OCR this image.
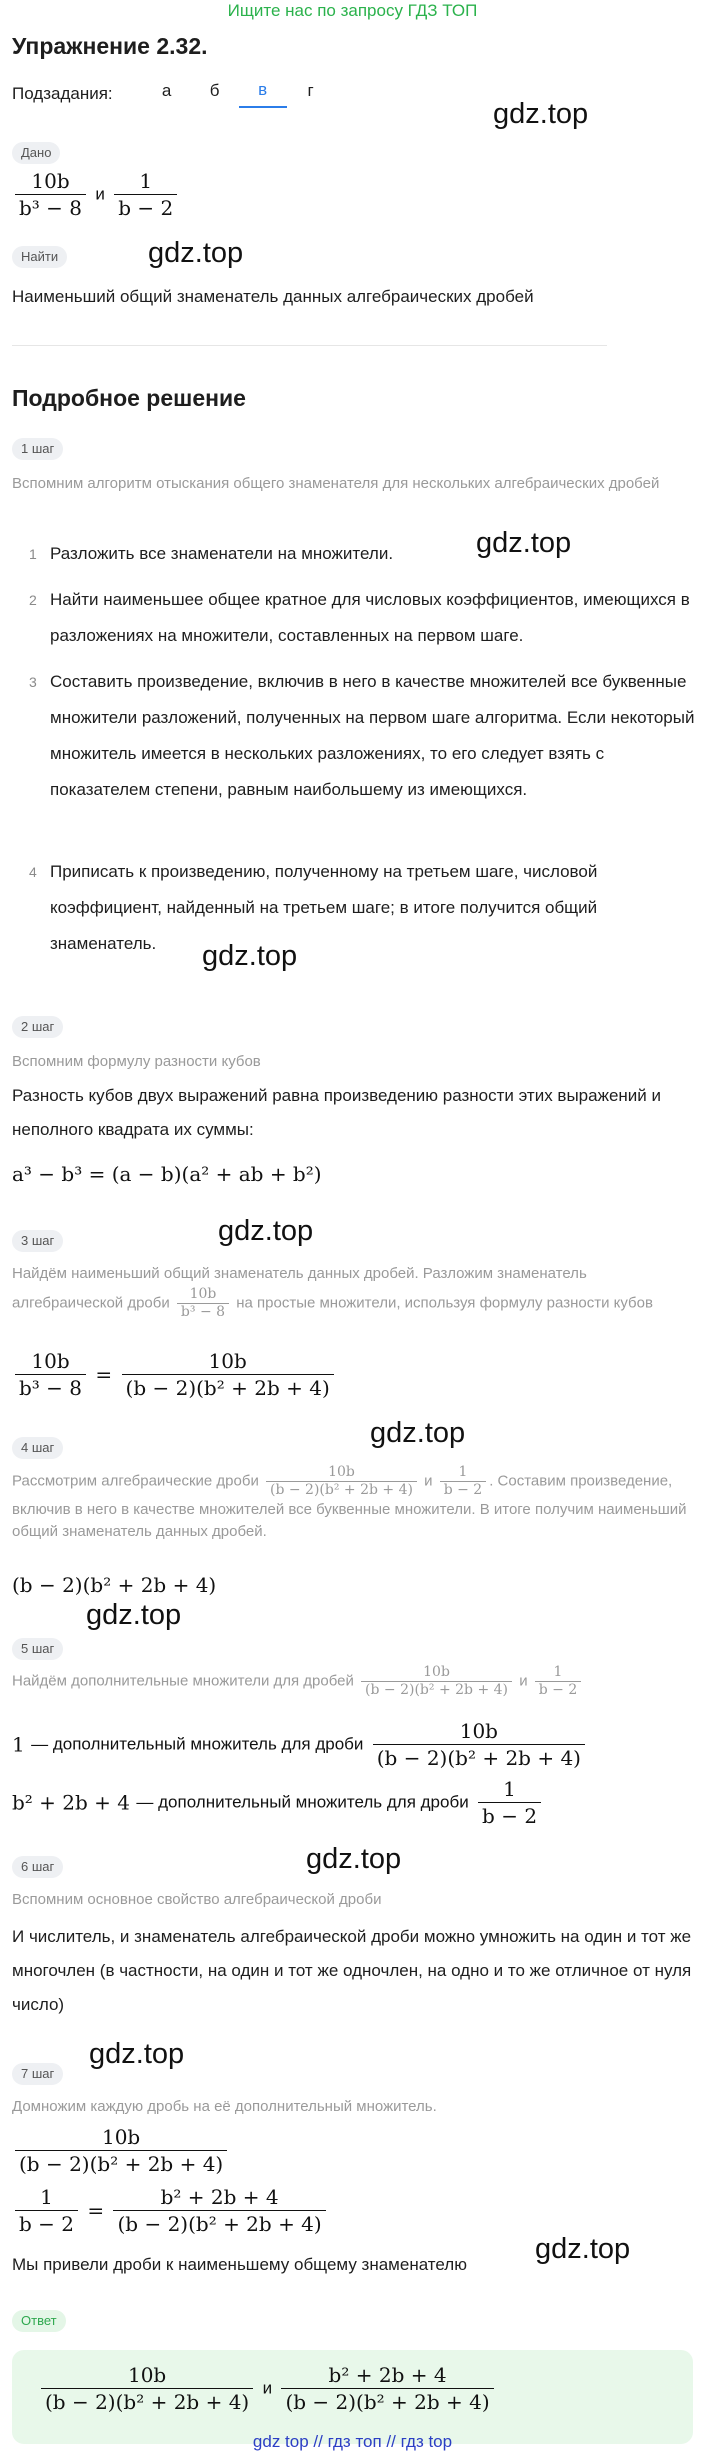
Ищите нас по запросу ГДЗ ТОП
Упражнение 2.32.
Подзадания:	а	б	в	г
gdz.top
gdz.top
gdz.top
gdz.top
gdz.top
gdz.top
gdz.top
gdz.top
gdz.top
gdz.top
Дано
$\frac{10b}{\text{b³ − 8}}$ и $\frac{1}{b - 2}$
Найти
Наименьший общий знаменатель данных алгебраических дробей
Подробное решение
1 шаг
Вспомним алгоритм отыскания общего знаменателя для нескольких алгебраических дробей
1 Разложить все знаменатели на множители.
2 Найти наименьшее общее кратное для числовых коэффициентов, имеющихся в разложениях на множители, составленных на первом шаге.
3 Составить произведение, включив в него в качестве множителей все буквенные множители разложений, полученных на первом шаге алгоритма. Если некоторый множитель имеется в нескольких разложениях, то его следует взять с показателем степени, равным наибольшему из имеющихся.
4 Приписать к произведению, полученному на третьем шаге, числовой коэффициент, найденный на третьем шаге; в итоге получится общий знаменатель.
2 шаг
Вспомним формулу разности кубов
Разность кубов двух выражений равна произведению разности этих выражений и неполного квадрата их суммы:
a³ − b³ = (a − b)(a² + ab + b²)
3 шаг
Найдём наименьший общий знаменатель данных дробей. Разложим знаменатель алгебраической дроби $\frac{10b}{\text{b³ − 8}}$ на простые множители, используя формулу разности кубов
$\frac{10b}{\text{b³ − 8}} = \frac{10b}{\text{(b − 2)(b² + 2b + 4)}}$
4 шаг
Рассмотрим алгебраические дроби $\frac{10b}{\text{(b − 2)(b² + 2b + 4)}}$ и $\frac{1}{b - 2}$ . Составим произведение, включив в него в качестве множителей все буквенные множители. В итоге получим наименьший общий знаменатель данных дробей.
(b − 2)(b² + 2b + 4)
5 шаг
Найдём дополнительные множители для дробей $\frac{10b}{\text{(b − 2)(b² + 2b + 4)}}$ и $\frac{1}{b - 2}$
1 — дополнительный множитель для дроби $\frac{10b}{\text{(b − 2)(b² + 2b + 4)}}$
b² + 2b + 4 — дополнительный множитель для дроби $\frac{1}{b - 2}$
6 шаг
Вспомним основное свойство алгебраической дроби
И числитель, и знаменатель алгебраической дроби можно умножить на один и тот же многочлен (в частности, на один и тот же одночлен, на одно и то же отличное от нуля число)
7 шаг
Домножим каждую дробь на её дополнительный множитель.
$\frac{10b}{\text{(b − 2)(b² + 2b + 4)}}$
$\frac{1}{b - 2} = \frac{\text{b² + 2b + 4}}{\text{(b − 2)(b² + 2b + 4)}}$
Мы привели дроби к наименьшему общему знаменателю
Ответ
$\frac{10b}{\text{(b − 2)(b² + 2b + 4)}}$ и $\frac{\text{b² + 2b + 4}}{\text{(b − 2)(b² + 2b + 4)}}$
gdz top // гдз топ // гдз top
